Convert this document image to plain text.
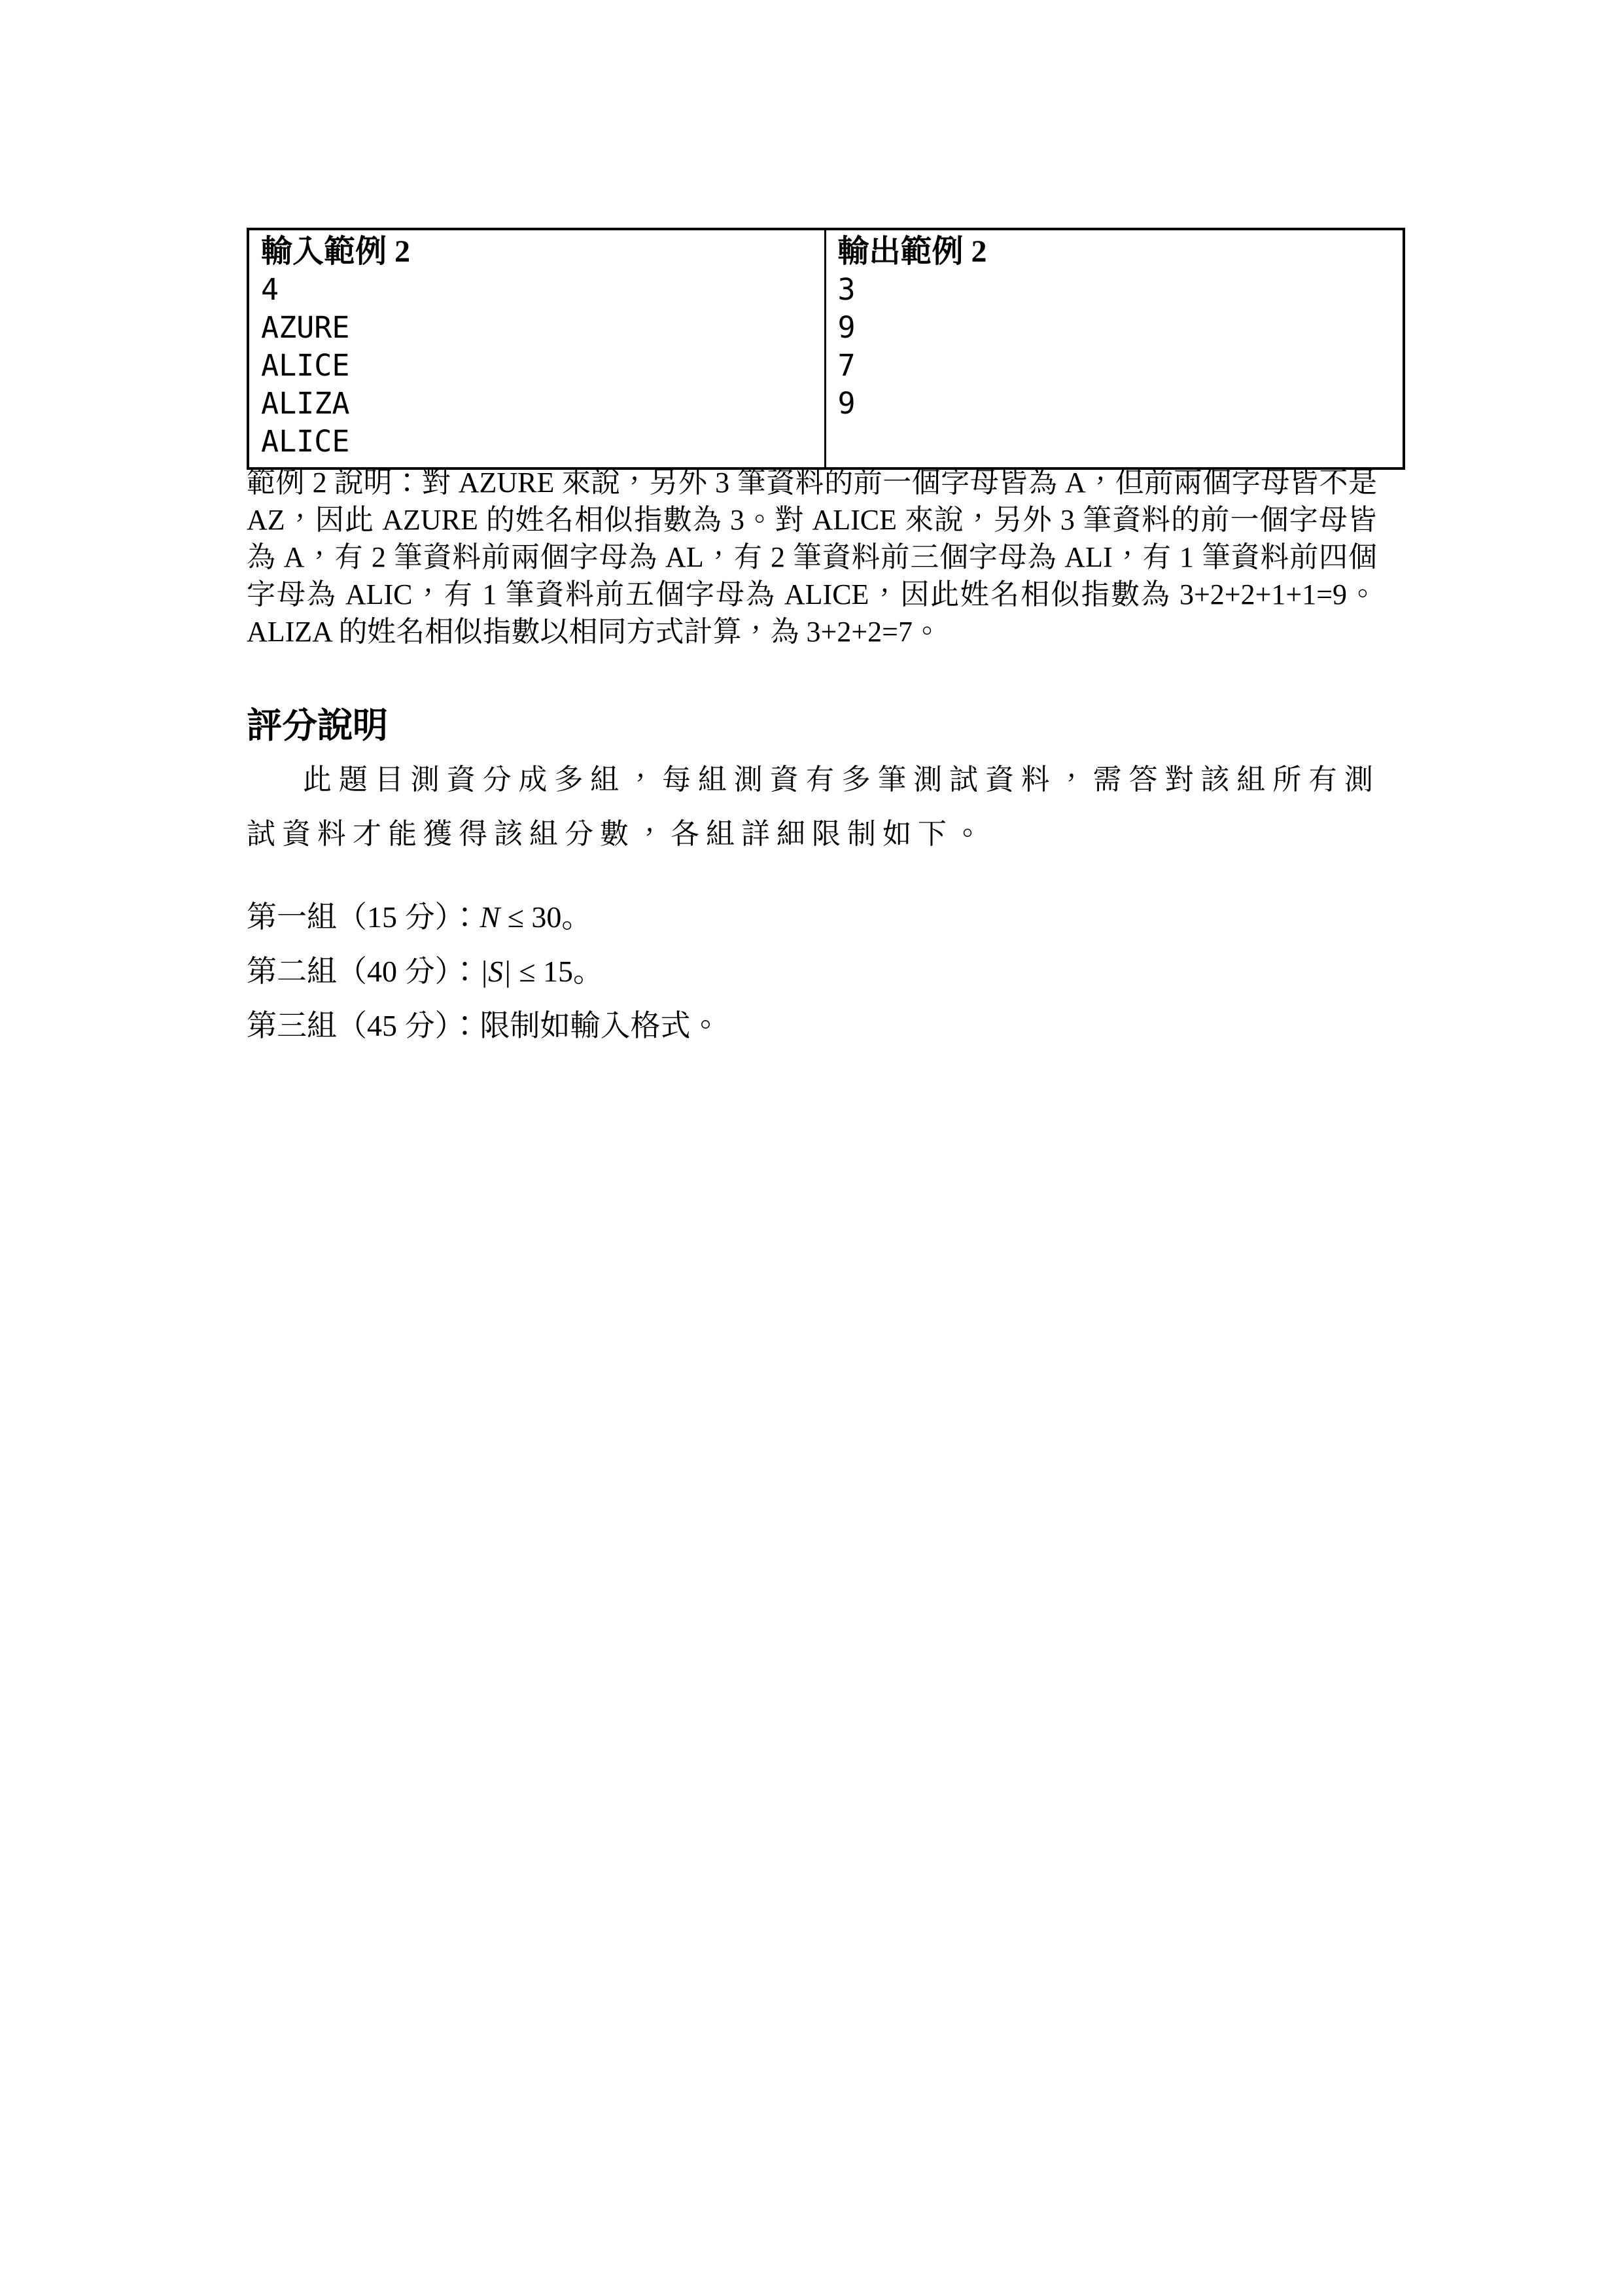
輸入範例 2
4
AZURE
ALICE
ALIZA
ALICE
輸出範例 2
3
9
7
9

範例 2 說明：對 AZURE 來說，另外 3 筆資料的前一個字母皆為 A，但前兩個字母皆不是 AZ，因此 AZURE 的姓名相似指數為 3。對 ALICE 來說，另外 3 筆資料的前一個字母皆為 A，有 2 筆資料前兩個字母為 AL，有 2 筆資料前三個字母為 ALI，有 1 筆資料前四個字母為 ALIC，有 1 筆資料前五個字母為 ALICE，因此姓名相似指數為 3+2+2+1+1=9。ALIZA 的姓名相似指數以相同方式計算，為 3+2+2=7。

評分說明

此題目測資分成多組，每組測資有多筆測試資料，需答對該組所有測試資料才能獲得該組分數，各組詳細限制如下。

第一組（15 分）：N ≤ 30。
第二組（40 分）：|S| ≤ 15。
第三組（45 分）：限制如輸入格式。
